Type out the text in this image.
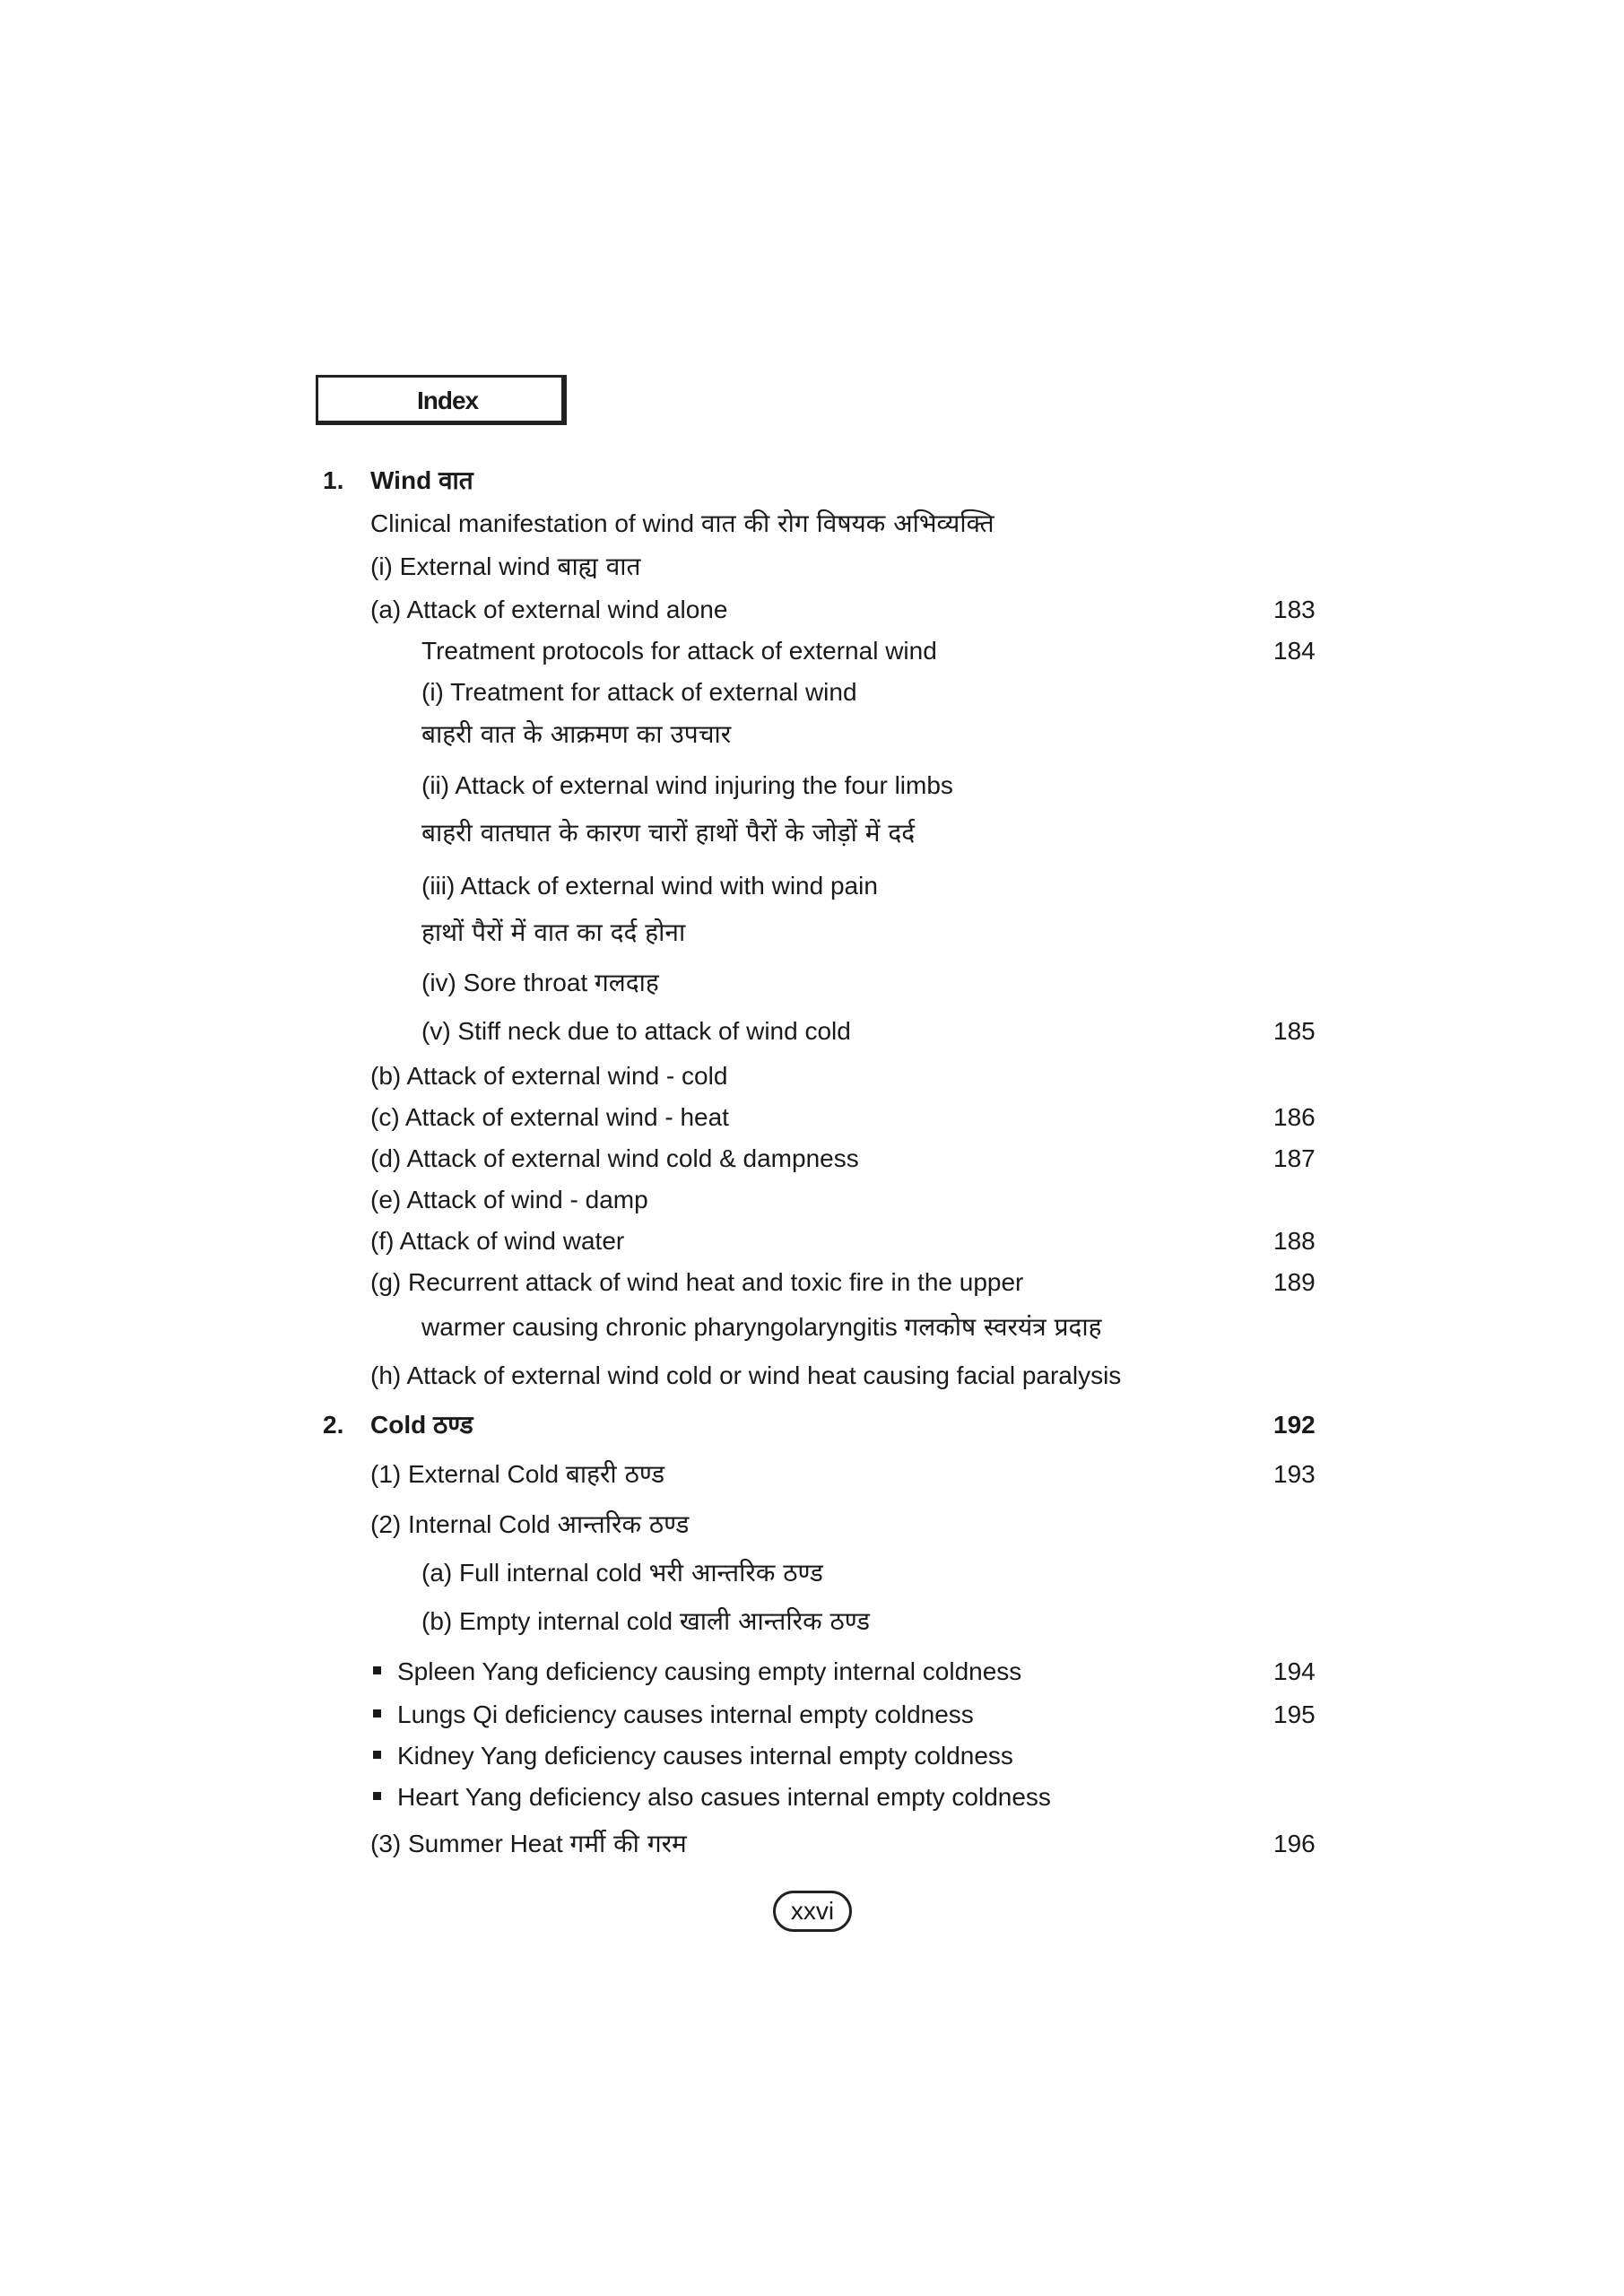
Index
1. Wind वात
Clinical manifestation of wind वात की रोग विषयक अभिव्यक्ति
(i) External wind बाह्य वात
(a) Attack of external wind alone	183
Treatment protocols for attack of external wind	184
(i) Treatment for attack of external wind
बाहरी वात के आक्रमण का उपचार
(ii) Attack of external wind injuring the four limbs
बाहरी वातघात के कारण चारों हाथों पैरों के जोड़ों में दर्द
(iii) Attack of external wind with wind pain
हाथों पैरों में वात का दर्द होना
(iv) Sore throat गलदाह
(v) Stiff neck due to attack of wind cold	185
(b) Attack of external wind - cold
(c) Attack of external wind - heat	186
(d) Attack of external wind cold & dampness	187
(e) Attack of wind - damp
(f) Attack of wind water	188
(g) Recurrent attack of wind heat and toxic fire in the upper	189
warmer causing chronic pharyngolaryngitis गलकोष स्वरयंत्र प्रदाह
(h) Attack of external wind cold or wind heat causing facial paralysis
2. Cold ठण्ड	192
(1) External Cold बाहरी ठण्ड	193
(2) Internal Cold आन्तरिक ठण्ड
(a) Full internal cold भरी आन्तरिक ठण्ड
(b) Empty internal cold खाली आन्तरिक ठण्ड
Spleen Yang deficiency causing empty internal coldness	194
Lungs Qi deficiency causes internal empty coldness	195
Kidney Yang deficiency causes internal empty coldness
Heart Yang deficiency also casues internal empty coldness
(3) Summer Heat गर्मी की गरम	196
xxvi
